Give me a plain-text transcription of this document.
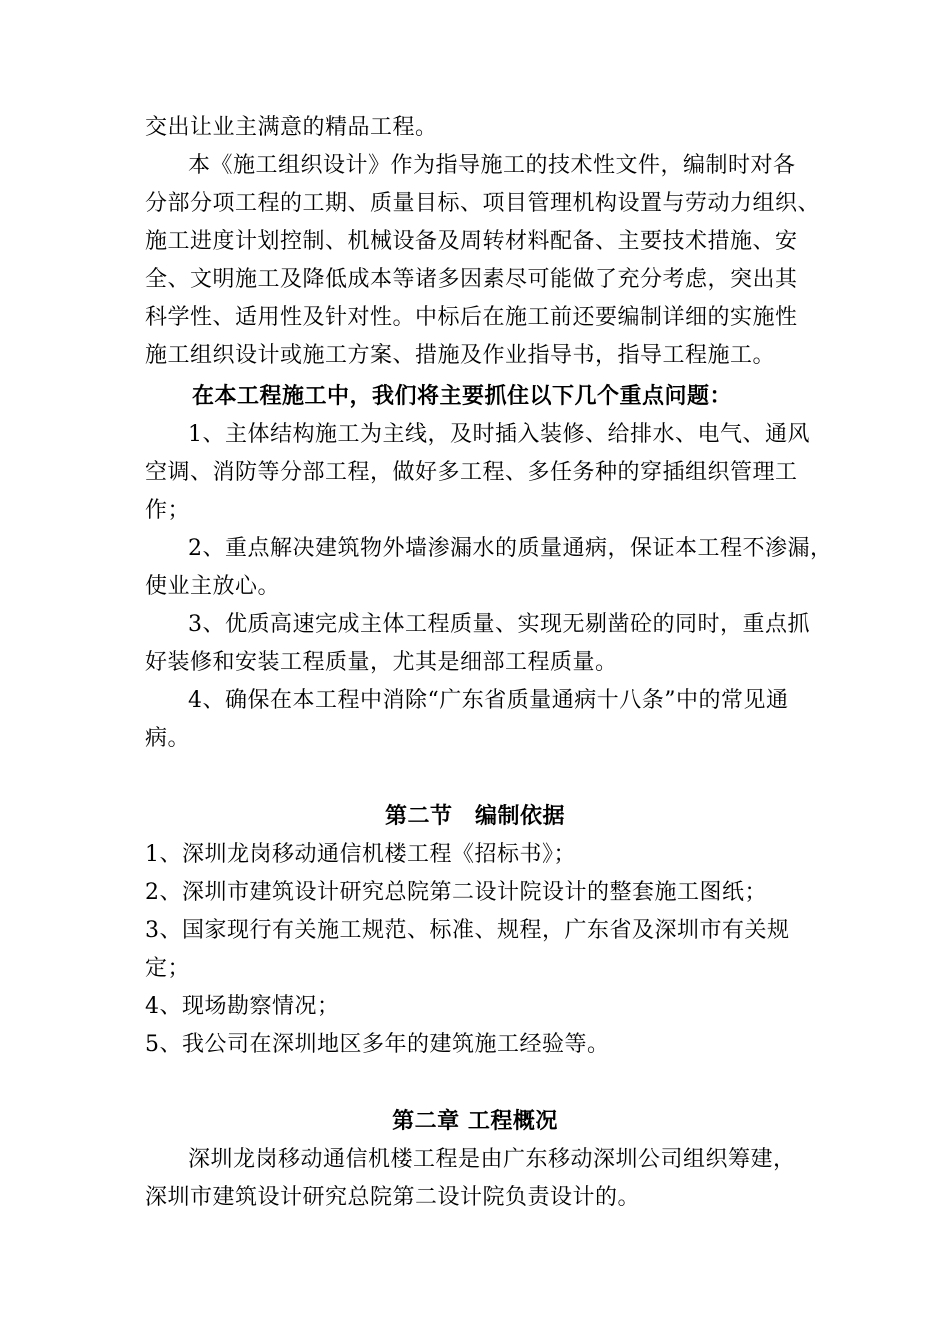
交出让业主满意的精品工程。
本《施工组织设计》作为指导施工的技术性文件，编制时对各
分部分项工程的工期、质量目标、项目管理机构设置与劳动力组织、
施工进度计划控制、机械设备及周转材料配备、主要技术措施、安
全、文明施工及降低成本等诸多因素尽可能做了充分考虑，突出其
科学性、适用性及针对性。中标后在施工前还要编制详细的实施性
施工组织设计或施工方案、措施及作业指导书，指导工程施工。
在本工程施工中，我们将主要抓住以下几个重点问题：
1、主体结构施工为主线，及时插入装修、给排水、电气、通风
空调、消防等分部工程，做好多工程、多任务种的穿插组织管理工
作；
2、重点解决建筑物外墙渗漏水的质量通病，保证本工程不渗漏，
使业主放心。
3、优质高速完成主体工程质量、实现无剔凿砼的同时，重点抓
好装修和安装工程质量，尤其是细部工程质量。
4、确保在本工程中消除“广东省质量通病十八条”中的常见通
病。
第二节　编制依据
1、深圳龙岗移动通信机楼工程《招标书》；
2、深圳市建筑设计研究总院第二设计院设计的整套施工图纸；
3、国家现行有关施工规范、标准、规程，广东省及深圳市有关规
定；
4、现场勘察情况；
5、我公司在深圳地区多年的建筑施工经验等。
第二章 工程概况
深圳龙岗移动通信机楼工程是由广东移动深圳公司组织筹建，
深圳市建筑设计研究总院第二设计院负责设计的。
